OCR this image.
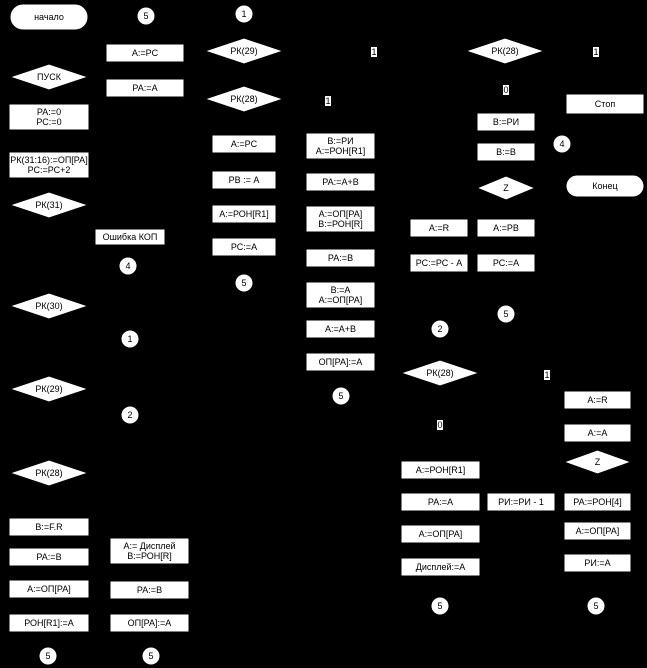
начало
ПУСК
РА:=0
РС:=0
РК(31:16):=ОП[РА]
РС:=РС+2
РК(31)
Ошибка КОП
4
РК(30)
1
РК(29)
2
РК(28)
В:=F.R
РА:=В
А:=ОП[РА]
РОН[R1]:=A
5	5
А:=РС
РА:=А
А:= Дисплей
В:=РОН[R]
РА:=В
ОП[РА]:=А
5	1
РК(29)
РК(28)
А:=РС
РВ := А
А:=РОН[R1]
РС:=А
5
В:=РИ
А:=РОН[R1]
РА:=А+В
А:=ОП[РА]
В:=РОН[R]
РА:=В
В:=А
А:=ОП[РА]
А:=А+В
ОП[РА]:=А
5
РК(28)
Стоп
В:=РИ
В:=В
4
Z	Конец
А:=R	А:=РВ
РС:=РС - А	РС:=А
5
2
РК(28)
А:=РОН[R1]
РА:=А
А:=ОП[РА]
Дисплей:=А
5
РИ:=РИ - 1
А:=R
А:=А
Z
РА:=РОН[4]
А:=ОП[РА]
РИ:=А
5
1
1
1
0
1
0
